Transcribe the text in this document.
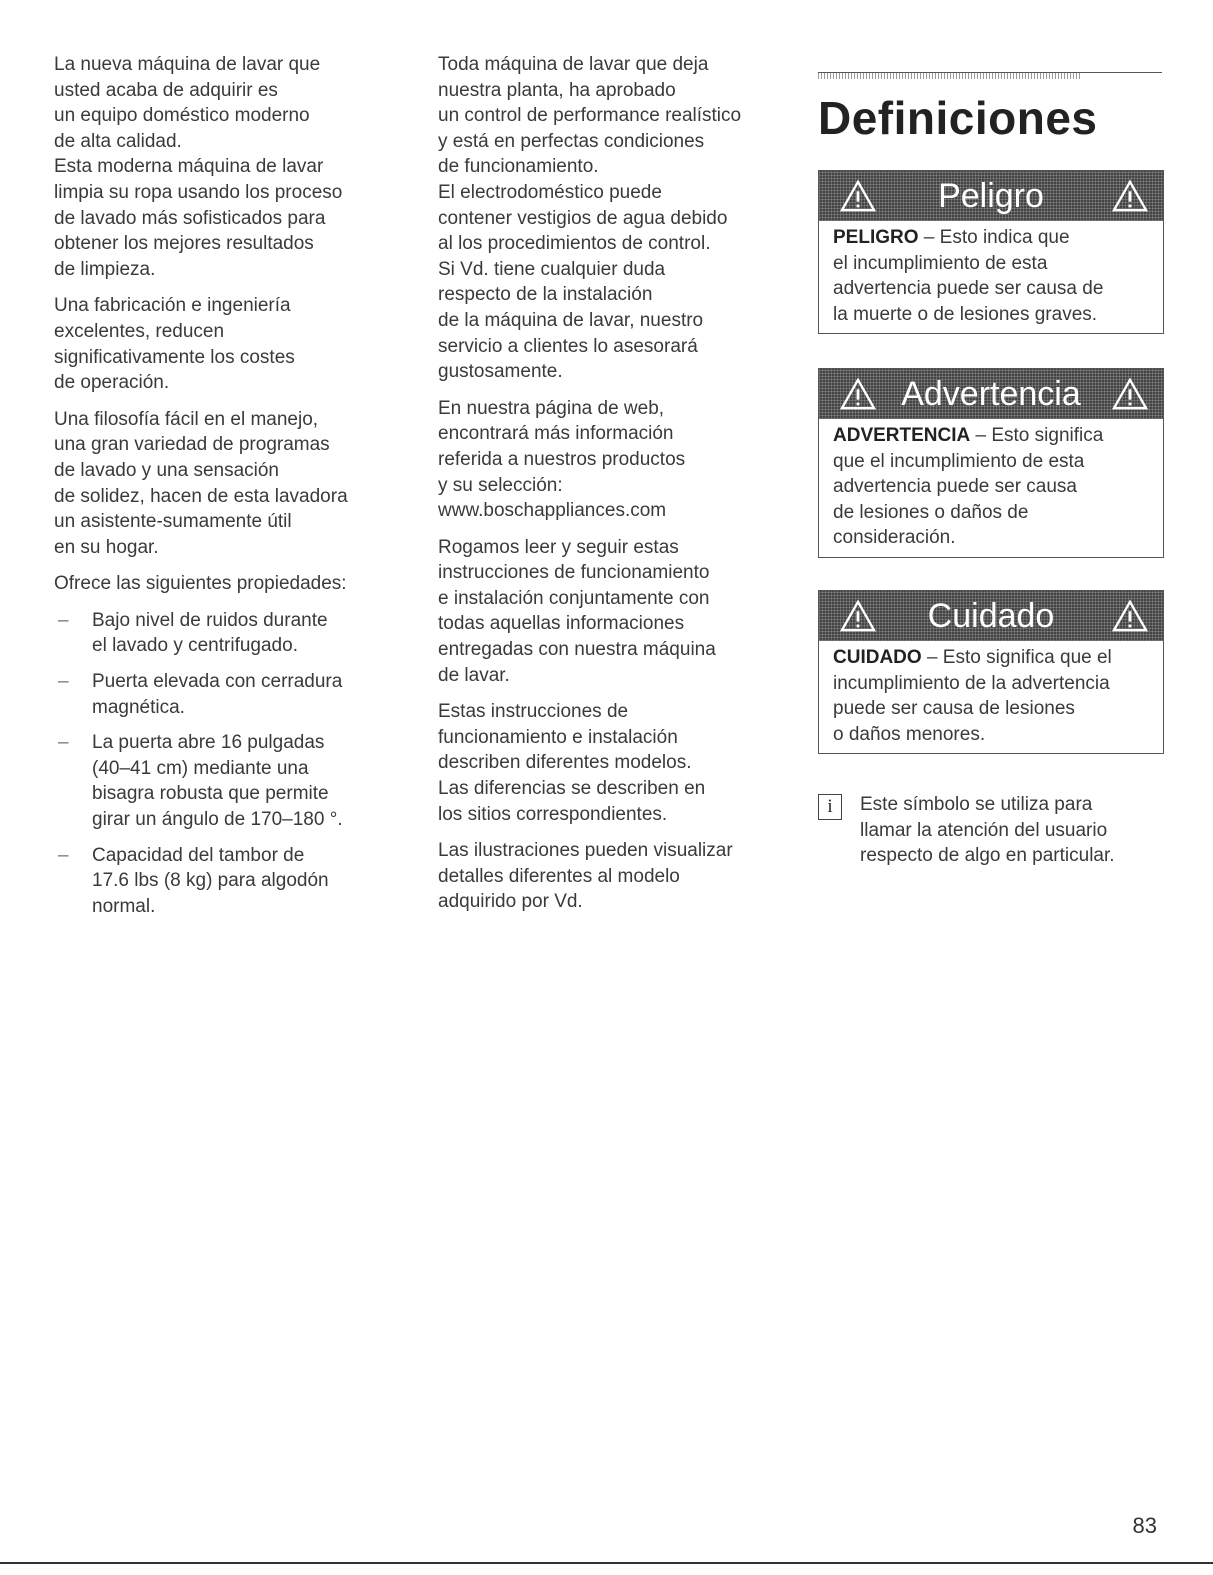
La nueva máquina de lavar que
usted acaba de adquirir es
un equipo doméstico moderno
de alta calidad.
Esta moderna máquina de lavar
limpia su ropa usando los proceso
de lavado más sofisticados para
obtener los mejores resultados
de limpieza.
Una fabricación e ingeniería
excelentes, reducen
significativamente los costes
de operación.
Una filosofía fácil en el manejo,
una gran variedad de programas
de lavado y una sensación
de solidez, hacen de esta lavadora
un asistente-sumamente útil
en su hogar.
Ofrece las siguientes propiedades:
– Bajo nivel de ruidos durante
el lavado y centrifugado.
– Puerta elevada con cerradura
magnética.
– La puerta abre 16 pulgadas
(40–41 cm) mediante una
bisagra robusta que permite
girar un ángulo de 170–180 °.
– Capacidad del tambor de
17.6 lbs (8 kg) para algodón
normal.
Toda máquina de lavar que deja
nuestra planta, ha aprobado
un control de performance realístico
y está en perfectas condiciones
de funcionamiento.
El electrodoméstico puede
contener vestigios de agua debido
al los procedimientos de control.
Si Vd. tiene cualquier duda
respecto de la instalación
de la máquina de lavar, nuestro
servicio a clientes lo asesorará
gustosamente.
En nuestra página de web,
encontrará más información
referida a nuestros productos
y su selección:
www.boschappliances.com
Rogamos leer y seguir estas
instrucciones de funcionamiento
e instalación conjuntamente con
todas aquellas informaciones
entregadas con nuestra máquina
de lavar.
Estas instrucciones de
funcionamiento e instalación
describen diferentes modelos.
Las diferencias se describen en
los sitios correspondientes.
Las ilustraciones pueden visualizar
detalles diferentes al modelo
adquirido por Vd.
Definiciones
Peligro
PELIGRO – Esto indica que
el incumplimiento de esta
advertencia puede ser causa de
la muerte o de lesiones graves.
Advertencia
ADVERTENCIA – Esto significa
que el incumplimiento de esta
advertencia puede ser causa
de lesiones o daños de
consideración.
Cuidado
CUIDADO – Esto significa que el
incumplimiento de la advertencia
puede ser causa de lesiones
o daños menores.
i	Este símbolo se utiliza para
llamar la atención del usuario
respecto de algo en particular.
83
